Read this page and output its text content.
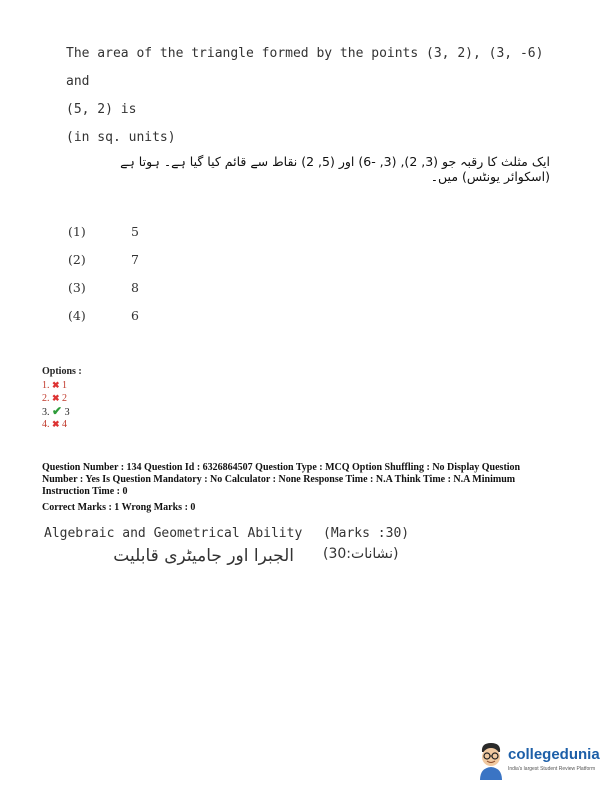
The area of the triangle formed by the points (3, 2), (3, -6) and
(5, 2) is
(in sq. units)
ایک مثلث کا رقبہ جو (3, 2), (3, -6) اور (5, 2) نقاط سے قائم کیا گیا ہے۔ ہوتا ہے (اسکوائر یونٹس) میں۔
(1)	5
(2)	7
(3)	8
(4)	6
Options :
1. ✖ 1
2. ✖ 2
3. ✔ 3
4. ✖ 4
Question Number : 134 Question Id : 6326864507 Question Type : MCQ Option Shuffling : No Display Question
Number : Yes Is Question Mandatory : No Calculator : None Response Time : N.A Think Time : N.A Minimum
Instruction Time : 0
Correct Marks : 1 Wrong Marks : 0
Algebraic and Geometrical Ability (Marks :30)
الجبرا اور جامیٹری قابلیت (نشانات:30)
collegedunia
India's largest Student Review Platform
